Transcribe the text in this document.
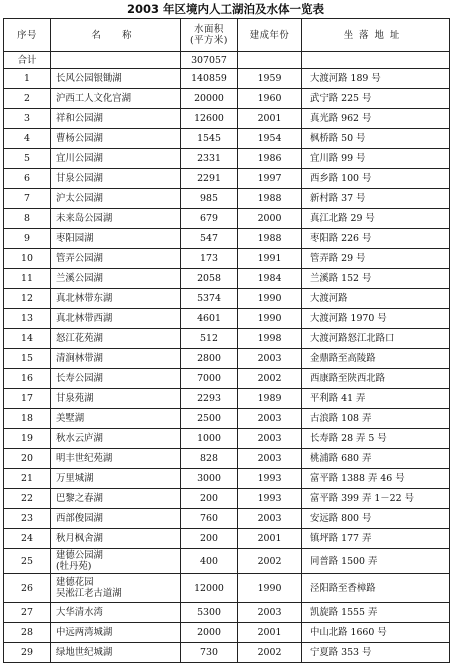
2003 年区境内人工湖泊及水体一览表
序号	名　称	水面积
(平方米)	建成年份	坐落地址
合计		307057		
1	长风公园银锄湖	140859	1959	大渡河路 189 号
2	沪西工人文化宫湖	20000	1960	武宁路 225 号
3	祥和公园湖	12600	2001	真光路 962 号
4	曹杨公园湖	1545	1954	枫桥路 50 号
5	宜川公园湖	2331	1986	宜川路 99 号
6	甘泉公园湖	2291	1997	西乡路 100 号
7	沪太公园湖	985	1988	新村路 37 号
8	未来岛公园湖	679	2000	真江北路 29 号
9	枣阳园湖	547	1988	枣阳路 226 号
10	管弄公园湖	173	1991	管弄路 29 号
11	兰溪公园湖	2058	1984	兰溪路 152 号
12	真北林带东湖	5374	1990	大渡河路
13	真北林带西湖	4601	1990	大渡河路 1970 号
14	怒江花苑湖	512	1998	大渡河路怒江北路口
15	清涧林带湖	2800	2003	金鼎路至高陵路
16	长寿公园湖	7000	2002	西康路至陕西北路
17	甘泉苑湖	2293	1989	平利路 41 弄
18	美墅湖	2500	2003	古浪路 108 弄
19	秋水云庐湖	1000	2003	长寿路 28 弄 5 号
20	明丰世纪苑湖	828	2003	桃浦路 680 弄
21	万里城湖	3000	1993	富平路 1388 弄 46 号
22	巴黎之春湖	200	1993	富平路 399 弄 1－22 号
23	西部俊园湖	760	2003	安远路 800 号
24	秋月枫舍湖	200	2001	镇坪路 177 弄
25	建德公园湖
(牡丹苑)	400	2002	同普路 1500 弄
26	建德花园
吴淞江老古道湖	12000	1990	泾阳路至香樟路
27	大华清水湾	5300	2003	凯旋路 1555 弄
28	中远两湾城湖	2000	2001	中山北路 1660 号
29	绿地世纪城湖	730	2002	宁夏路 353 号
